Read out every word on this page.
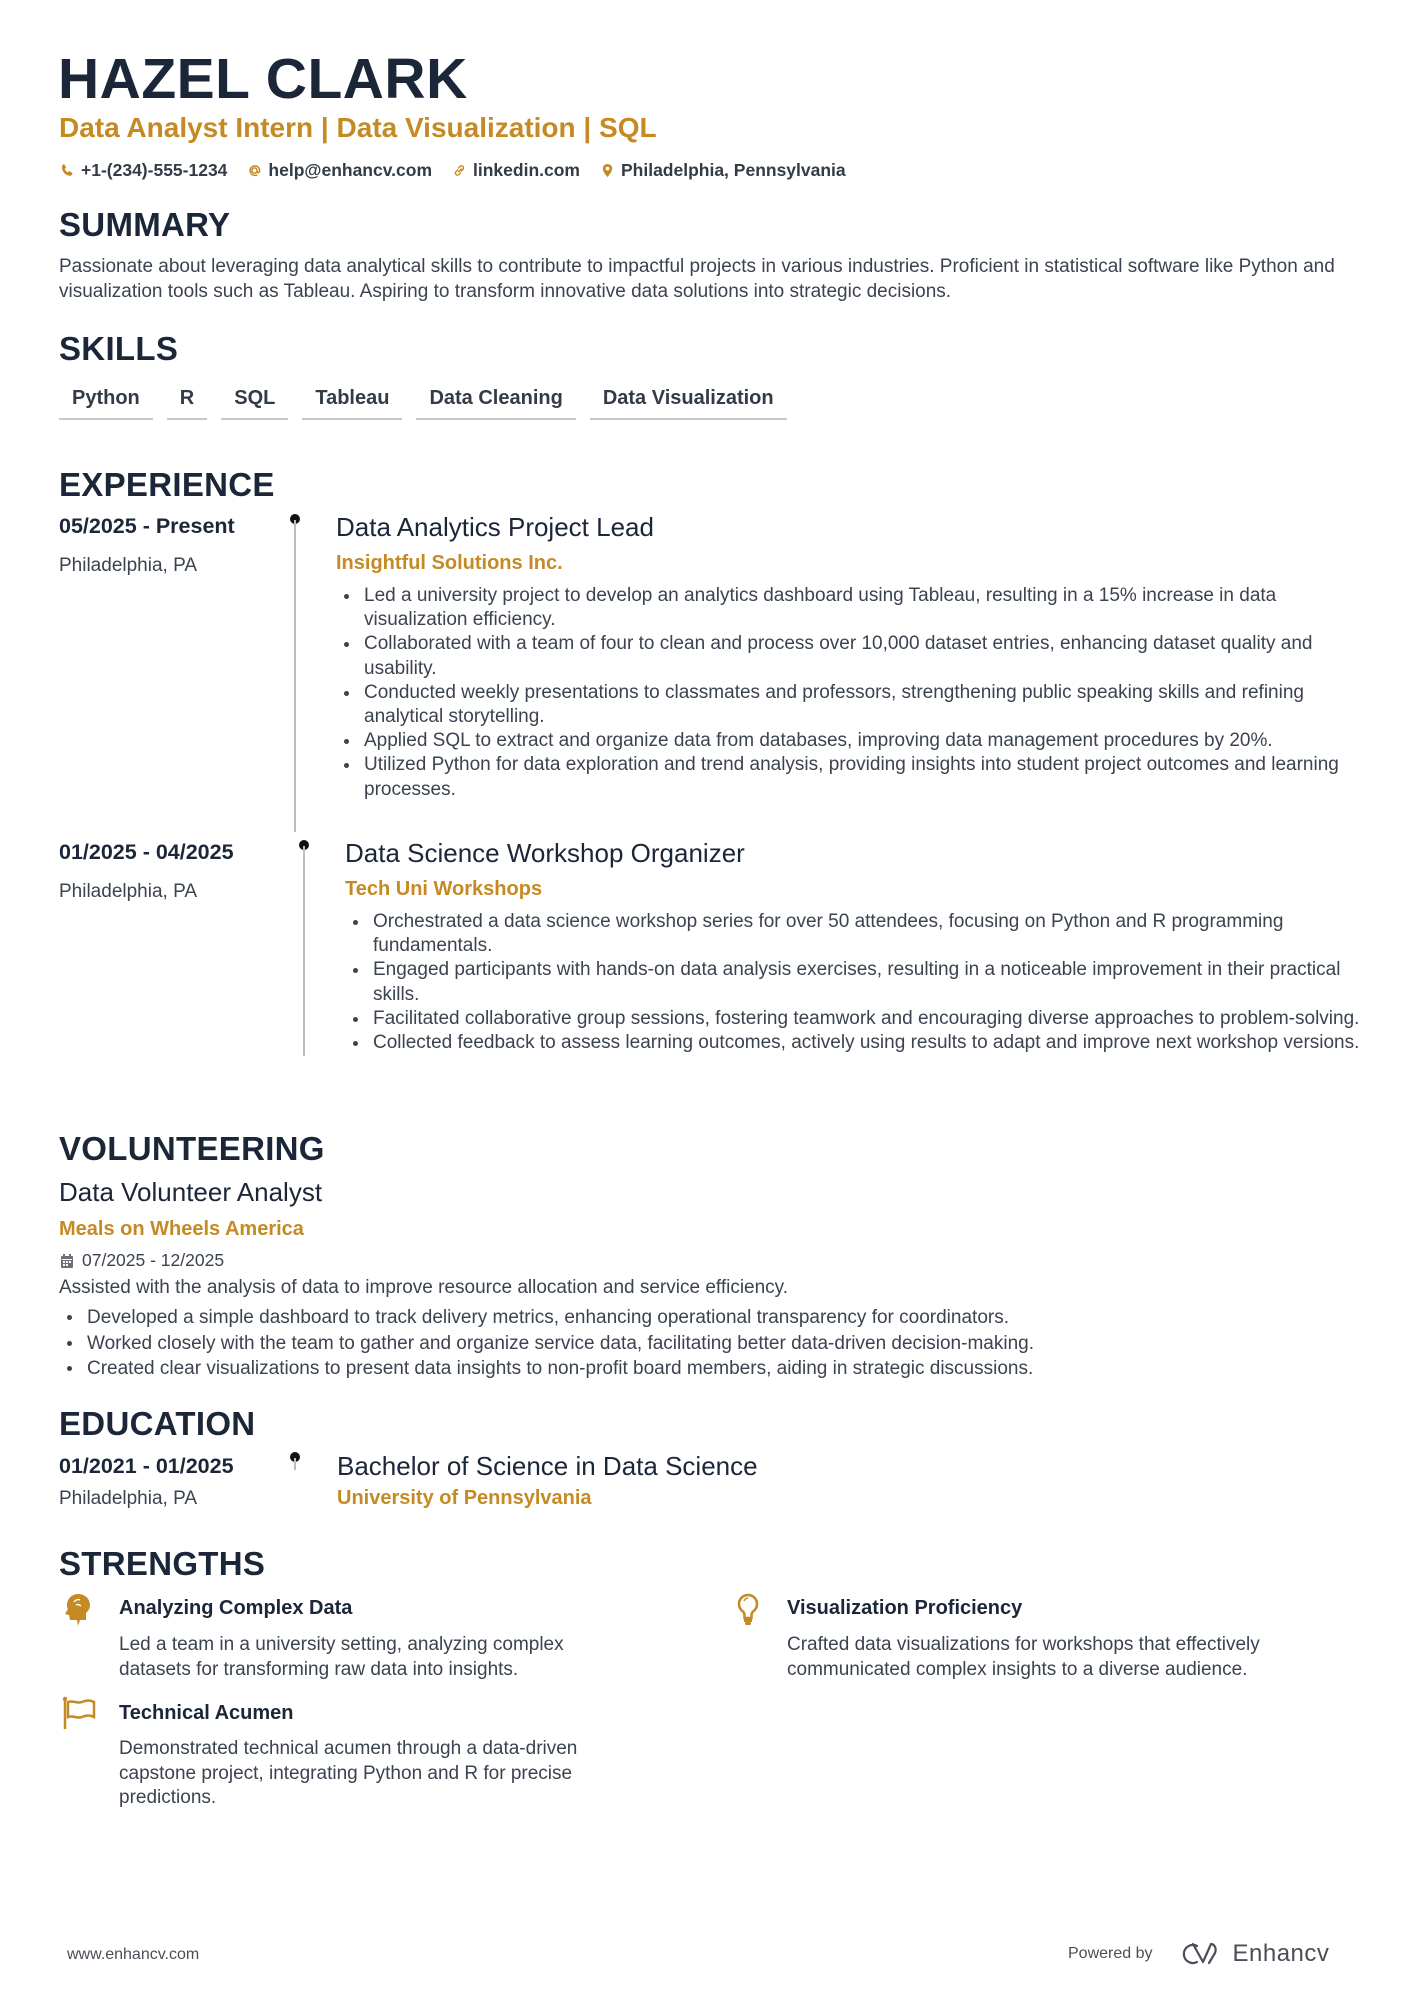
HAZEL CLARK
Data Analyst Intern | Data Visualization | SQL
+1-(234)-555-1234 help@enhancv.com linkedin.com Philadelphia, Pennsylvania
SUMMARY
Passionate about leveraging data analytical skills to contribute to impactful projects in various industries. Proficient in statistical software like Python and visualization tools such as Tableau. Aspiring to transform innovative data solutions into strategic decisions.
SKILLS
Python	R	SQL	Tableau	Data Cleaning	Data Visualization
EXPERIENCE
05/2025 - Present
Philadelphia, PA
Data Analytics Project Lead
Insightful Solutions Inc.
Led a university project to develop an analytics dashboard using Tableau, resulting in a 15% increase in data visualization efficiency.
Collaborated with a team of four to clean and process over 10,000 dataset entries, enhancing dataset quality and usability.
Conducted weekly presentations to classmates and professors, strengthening public speaking skills and refining analytical storytelling.
Applied SQL to extract and organize data from databases, improving data management procedures by 20%.
Utilized Python for data exploration and trend analysis, providing insights into student project outcomes and learning processes.
01/2025 - 04/2025
Philadelphia, PA
Data Science Workshop Organizer
Tech Uni Workshops
Orchestrated a data science workshop series for over 50 attendees, focusing on Python and R programming fundamentals.
Engaged participants with hands-on data analysis exercises, resulting in a noticeable improvement in their practical skills.
Facilitated collaborative group sessions, fostering teamwork and encouraging diverse approaches to problem-solving.
Collected feedback to assess learning outcomes, actively using results to adapt and improve next workshop versions.
VOLUNTEERING
Data Volunteer Analyst
Meals on Wheels America
07/2025 - 12/2025
Assisted with the analysis of data to improve resource allocation and service efficiency.
Developed a simple dashboard to track delivery metrics, enhancing operational transparency for coordinators.
Worked closely with the team to gather and organize service data, facilitating better data-driven decision-making.
Created clear visualizations to present data insights to non-profit board members, aiding in strategic discussions.
EDUCATION
01/2021 - 01/2025
Philadelphia, PA
Bachelor of Science in Data Science
University of Pennsylvania
STRENGTHS
Analyzing Complex Data
Led a team in a university setting, analyzing complex datasets for transforming raw data into insights.
Visualization Proficiency
Crafted data visualizations for workshops that effectively communicated complex insights to a diverse audience.
Technical Acumen
Demonstrated technical acumen through a data-driven capstone project, integrating Python and R for precise predictions.
www.enhancv.com	Powered by	Enhancv
